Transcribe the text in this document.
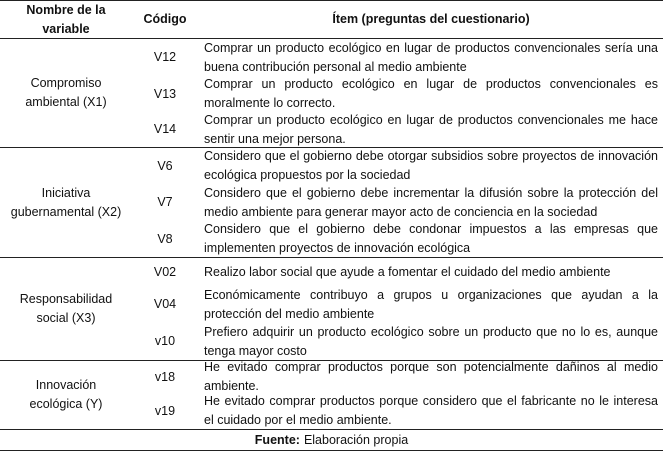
Nombre de la variable
Código	Ítem (preguntas del cuestionario)
Compromiso ambiental (X1)
V12
Comprar un producto ecológico en lugar de productos convencionales sería una buena contribución personal al medio ambiente
V13
Comprar un producto ecológico en lugar de productos convencionales es moralmente lo correcto.
V14
Comprar un producto ecológico en lugar de productos convencionales me hace sentir una mejor persona.
Iniciativa gubernamental (X2)
V6
Considero que el gobierno debe otorgar subsidios sobre proyectos de innovación ecológica propuestos por la sociedad
V7
Considero que el gobierno debe incrementar la difusión sobre la protección del medio ambiente para generar mayor acto de conciencia en la sociedad
V8
Considero que el gobierno debe condonar impuestos a las empresas que implementen proyectos de innovación ecológica
Responsabilidad social (X3)
V02 Realizo labor social que ayude a fomentar el cuidado del medio ambiente
V04
Económicamente contribuyo a grupos u organizaciones que ayudan a la protección del medio ambiente
v10
Prefiero adquirir un producto ecológico sobre un producto que no lo es, aunque tenga mayor costo
Innovación ecológica (Y)
v18
He evitado comprar productos porque son potencialmente dañinos al medio ambiente.
v19
He evitado comprar productos porque considero que el fabricante no le interesa el cuidado por el medio ambiente.
Fuente: Elaboración propia
